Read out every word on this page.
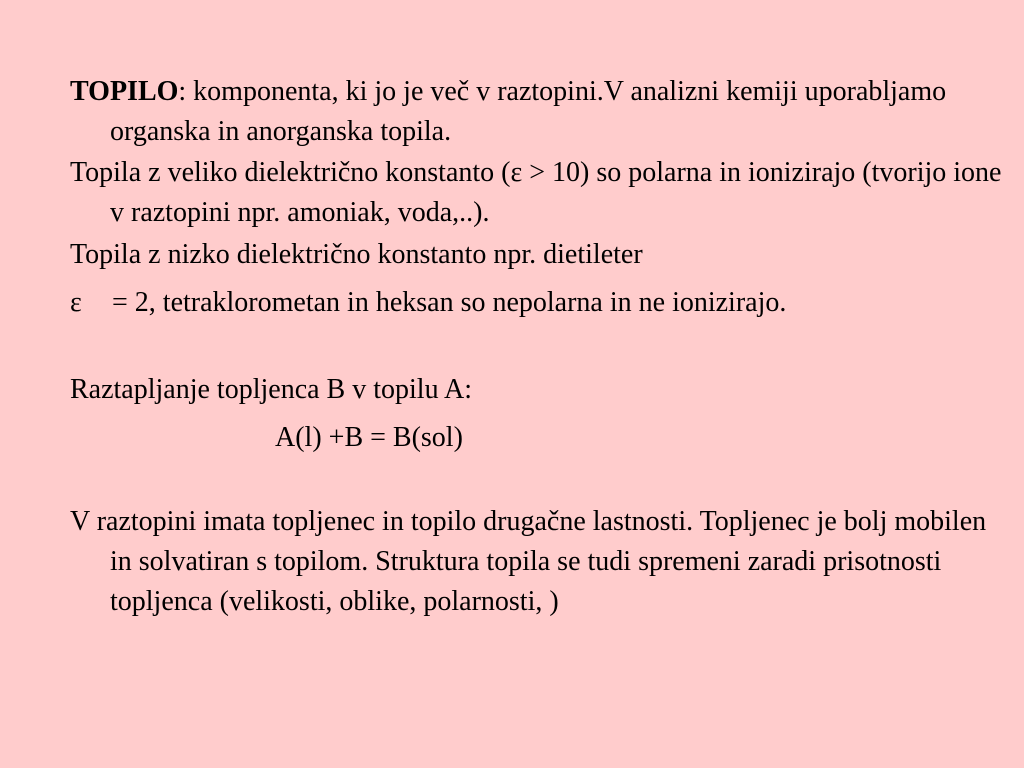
TOPILO: komponenta, ki jo je več v raztopini.V analizni kemiji uporabljamo organska in anorganska topila.

Topila z veliko dielektrično konstanto (ε > 10) so polarna in ionizirajo (tvorijo ione v raztopini npr. amoniak, voda,..).

Topila z nizko dielektrično konstanto npr. dietileter

ε = 2, tetraklorometan in heksan so nepolarna in ne ionizirajo.

Raztapljanje topljenca B v topilu A:

A(l) +B = B(sol)

V raztopini imata topljenec in topilo drugačne lastnosti. Topljenec je bolj mobilen in solvatiran s topilom. Struktura topila se tudi spremeni zaradi prisotnosti topljenca (velikosti, oblike, polarnosti, )
